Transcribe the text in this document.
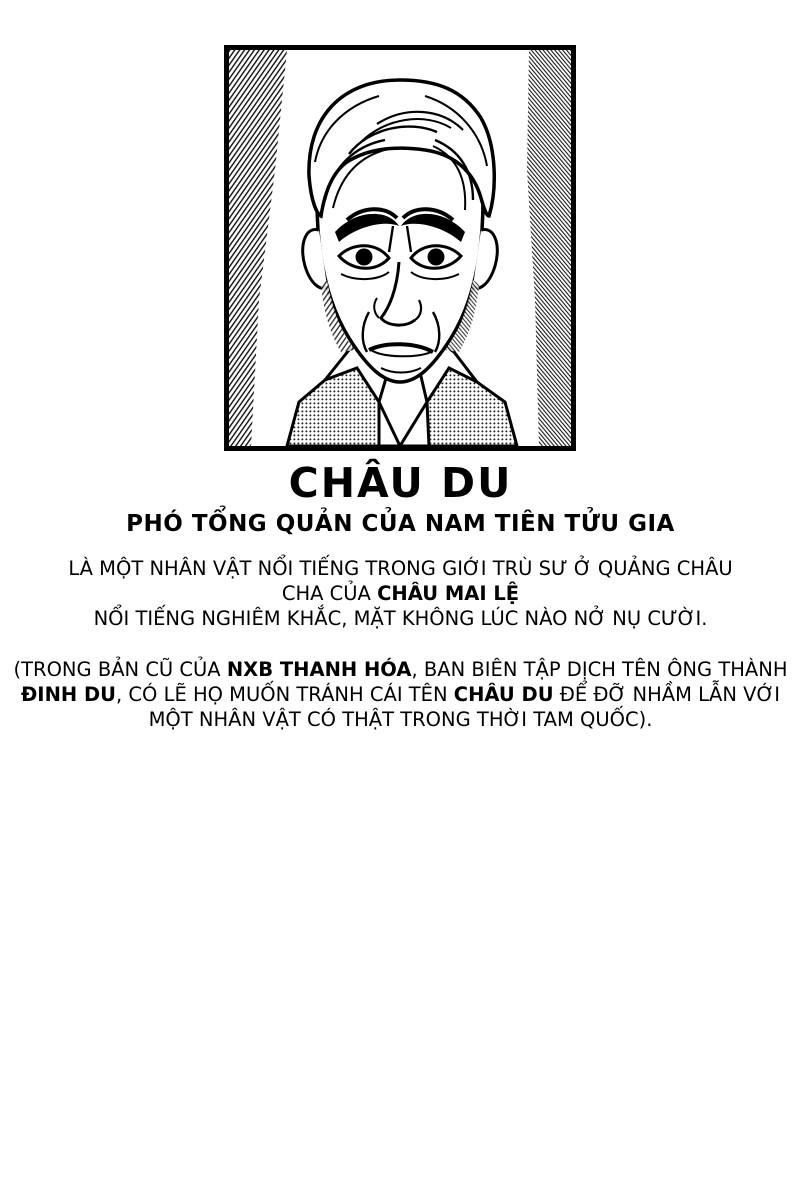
CHÂU DU
PHÓ TỔNG QUẢN CỦA NAM TIÊN TỬU GIA

LÀ MỘT NHÂN VẬT NỔI TIẾNG TRONG GIỚI TRÙ SƯ Ở QUẢNG CHÂU
CHA CỦA CHÂU MAI LỆ
NỔI TIẾNG NGHIÊM KHẮC, MẶT KHÔNG LÚC NÀO NỞ NỤ CƯỜI.

(TRONG BẢN CŨ CỦA NXB THANH HÓA, BAN BIÊN TẬP DỊCH TÊN ÔNG THÀNH
ĐINH DU, CÓ LẼ HỌ MUỐN TRÁNH CÁI TÊN CHÂU DU ĐỂ ĐỠ NHẦM LẪN VỚI
MỘT NHÂN VẬT CÓ THẬT TRONG THỜI TAM QUỐC).
